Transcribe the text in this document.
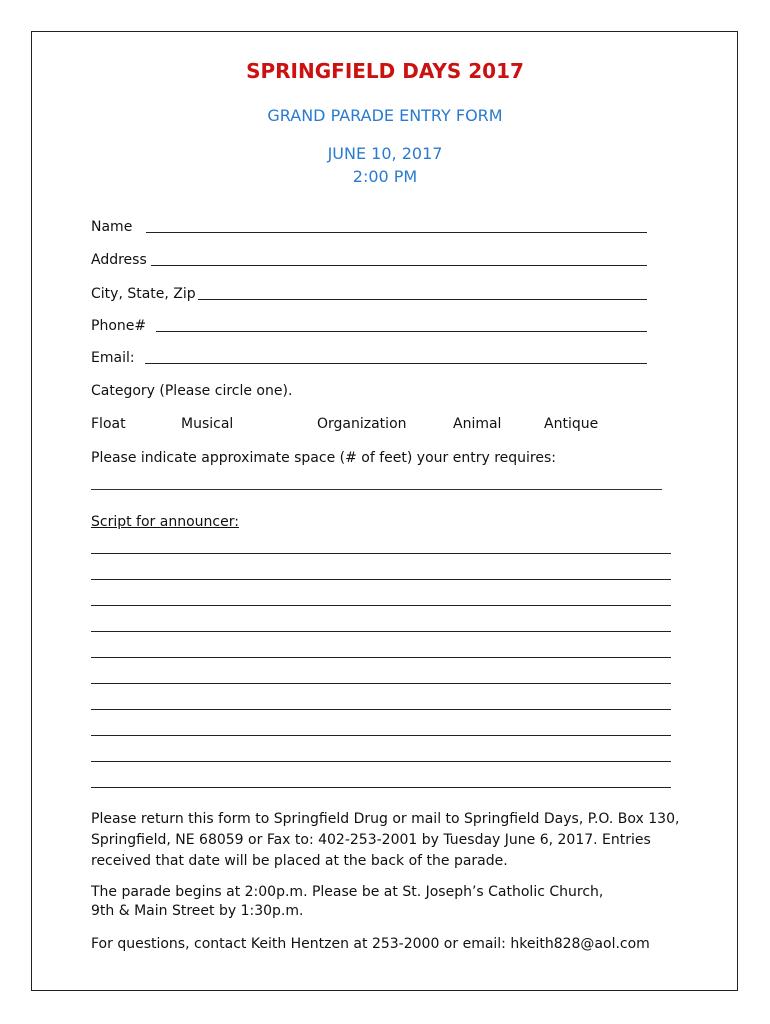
SPRINGFIELD DAYS 2017
GRAND PARADE ENTRY FORM
JUNE 10, 2017
2:00 PM
Name
Address
City, State, Zip
Phone#
Email:
Category (Please circle one).
Float	Musical	Organization	Animal	Antique
Please indicate approximate space (# of feet) your entry requires:
Script for announcer:
Please return this form to Springfield Drug or mail to Springfield Days, P.O. Box 130, Springfield, NE 68059 or Fax to: 402-253-2001 by Tuesday June 6, 2017. Entries received that date will be placed at the back of the parade.
The parade begins at 2:00p.m. Please be at St. Joseph’s Catholic Church,
9th & Main Street by 1:30p.m.
For questions, contact Keith Hentzen at 253-2000 or email: hkeith828@aol.com
